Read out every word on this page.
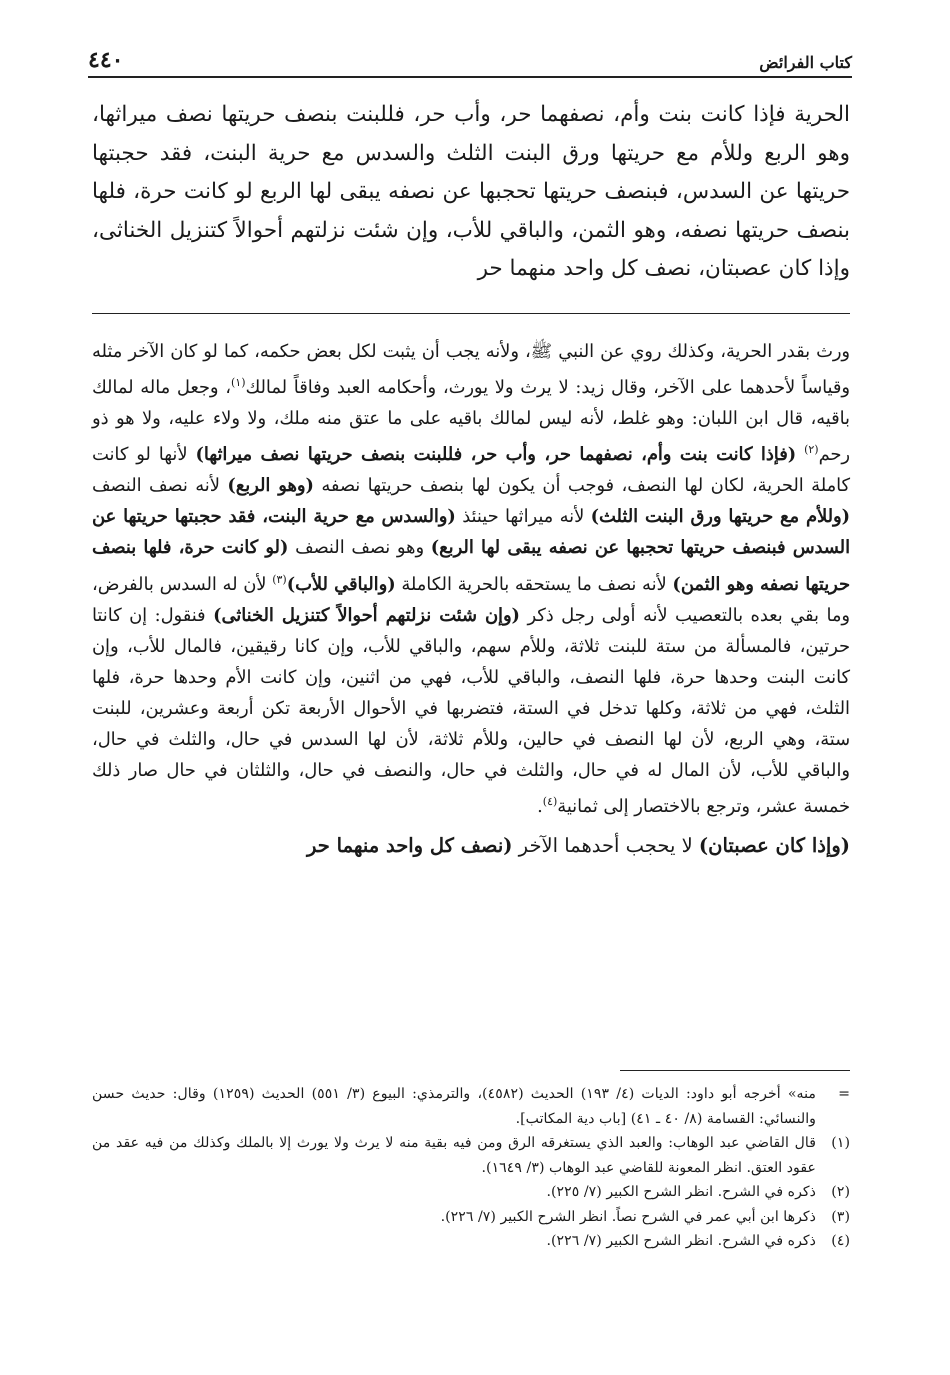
كتاب الفرائض
٤٤٠
الحرية فإذا كانت بنت وأم، نصفهما حر، وأب حر، فللبنت بنصف حريتها نصف ميراثها، وهو الربع وللأم مع حريتها ورق البنت الثلث والسدس مع حرية البنت، فقد حجبتها حريتها عن السدس، فبنصف حريتها تحجبها عن نصفه يبقى لها الربع لو كانت حرة، فلها بنصف حريتها نصفه، وهو الثمن، والباقي للأب، وإن شئت نزلتهم أحوالاً كتنزيل الخناثى، وإذا كان عصبتان، نصف كل واحد منهما حر

ورث بقدر الحرية، وكذلك روي عن النبي ﷺ، ولأنه يجب أن يثبت لكل بعض حكمه، كما لو كان الآخر مثله وقياساً لأحدهما على الآخر، وقال زيد: لا يرث ولا يورث، وأحكامه العبد وفاقاً لمالك$^{(١)}$، وجعل ماله لمالك باقيه، قال ابن اللبان: وهو غلط، لأنه ليس لمالك باقيه على ما عتق منه ملك، ولا ولاء عليه، ولا هو ذو رحم$^{(٢)}$ (فإذا كانت بنت وأم، نصفهما حر، وأب حر، فللبنت بنصف حريتها نصف ميراثها) لأنها لو كانت كاملة الحرية، لكان لها النصف، فوجب أن يكون لها بنصف حريتها نصفه (وهو الربع) لأنه نصف النصف (وللأم مع حريتها ورق البنت الثلث) لأنه ميراثها حينئذ (والسدس مع حرية البنت، فقد حجبتها حريتها عن السدس فبنصف حريتها تحجبها عن نصفه يبقى لها الربع) وهو نصف النصف (لو كانت حرة، فلها بنصف حريتها نصفه وهو الثمن) لأنه نصف ما يستحقه بالحرية الكاملة (والباقي للأب)$^{(٣)}$ لأن له السدس بالفرض، وما بقي بعده بالتعصيب لأنه أولى رجل ذكر (وإن شئت نزلتهم أحوالاً كتنزيل الخناثى) فنقول: إن كانتا حرتين، فالمسألة من ستة للبنت ثلاثة، وللأم سهم، والباقي للأب، وإن كانا رقيقين، فالمال للأب، وإن كانت البنت وحدها حرة، فلها النصف، والباقي للأب، فهي من اثنين، وإن كانت الأم وحدها حرة، فلها الثلث، فهي من ثلاثة، وكلها تدخل في الستة، فتضربها في الأحوال الأربعة تكن أربعة وعشرين، للبنت ستة، وهي الربع، لأن لها النصف في حالين، وللأم ثلاثة، لأن لها السدس في حال، والثلث في حال، والباقي للأب، لأن المال له في حال، والثلث في حال، والنصف في حال، والثلثان في حال صار ذلك خمسة عشر، وترجع بالاختصار إلى ثمانية$^{(٤)}$.

(وإذا كان عصبتان) لا يحجب أحدهما الآخر (نصف كل واحد منهما حر

=
منه» أخرجه أبو داود: الديات (٤/ ١٩٣) الحديث (٤٥٨٢)، والترمذي: البيوع (٣/ ٥٥١) الحديث (١٢٥٩) وقال: حديث حسن والنسائي: القسامة (٨/ ٤٠ ـ ٤١) [باب دية المكاتب].
(١)
قال القاضي عبد الوهاب: والعبد الذي يستغرقه الرق ومن فيه بقية منه لا يرث ولا يورث إلا بالملك وكذلك من فيه عقد من عقود العتق. انظر المعونة للقاضي عبد الوهاب (٣/ ١٦٤٩).
(٢)
ذكره في الشرح. انظر الشرح الكبير (٧/ ٢٢٥).
(٣)
ذكرها ابن أبي عمر في الشرح نصاً. انظر الشرح الكبير (٧/ ٢٢٦).
(٤)
ذكره في الشرح. انظر الشرح الكبير (٧/ ٢٢٦).
